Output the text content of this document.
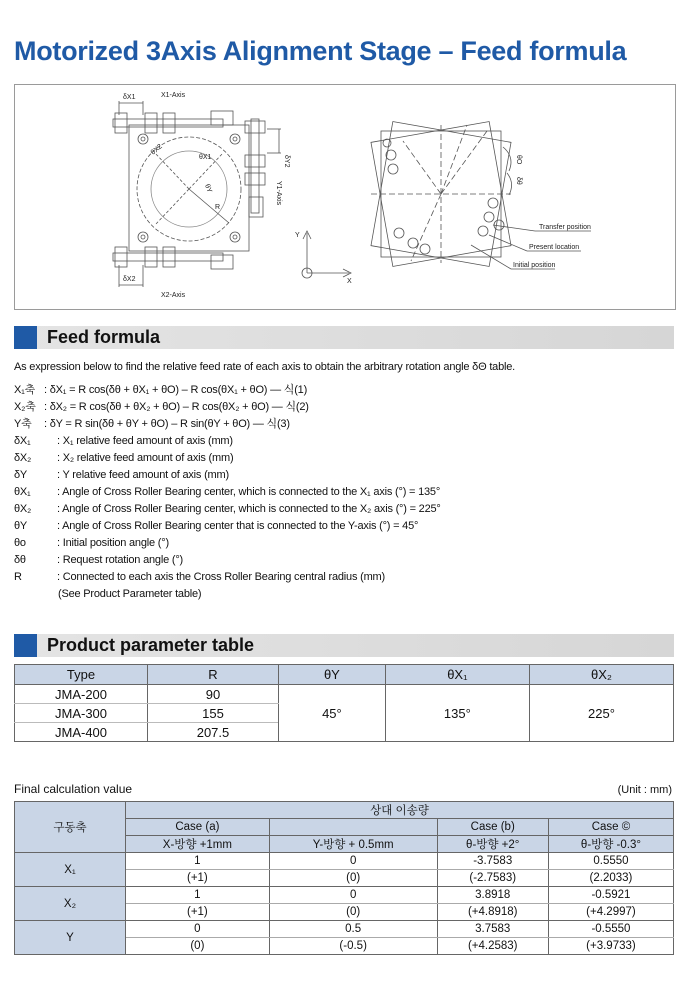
Motorized 3Axis Alignment Stage – Feed formula
X1-Axis
δX1
X2-Axis
δX2
δY2
Y1-Axis
θX2
θX1
θY
R
Y
X
θO
δθ
Transfer position
Present location
Initial position
Feed formula
As expression below to find the relative feed rate of each axis to obtain the arbitrary rotation angle δΘ table.
X₁축 : δX₁ = R cos(δθ + θX₁ + θO) – R cos(θX₁ + θO) — 식(1)
X₂축 : δX₂ = R cos(δθ + θX₂ + θO) – R cos(θX₂ + θO) — 식(2)
Y축 : δY = R sin(δθ + θY + θO) – R sin(θY + θO) — 식(3)
δX₁ : X₁ relative feed amount of axis (mm)
δX₂ : X₂ relative feed amount of axis (mm)
δY	: Y relative feed amount of axis (mm)
θX₁ : Angle of Cross Roller Bearing center, which is connected to the X₁ axis (°) = 135°
θX₂ : Angle of Cross Roller Bearing center, which is connected to the X₂ axis (°) = 225°
θY	: Angle of Cross Roller Bearing center that is connected to the Y-axis (°) = 45°
θo	: Initial position angle (°)
δθ	: Request rotation angle (°)
R	: Connected to each axis the Cross Roller Bearing central radius (mm)
(See Product Parameter table)
Product parameter table
Type	R	θY	θX₁	θX₂
JMA-200	90	45°	135°	225°
JMA-300	155			
JMA-400	207.5			
Final calculation value	(Unit : mm)
구동축	상대 이송량			
	Case (a)		Case (b)	Case ©
	X-방향 +1mm	Y-방향 + 0.5mm	θ-방향 +2°	θ-방향 -0.3°
X₁	1	0	-3.7583	0.5550
	(+1)	(0)	(-2.7583)	(2.2033)
X₂	1	0	3.8918	-0.5921
	(+1)	(0)	(+4.8918)	(+4.2997)
Y	0	0.5	3.7583	-0.5550
	(0)	(-0.5)	(+4.2583)	(+3.9733)
